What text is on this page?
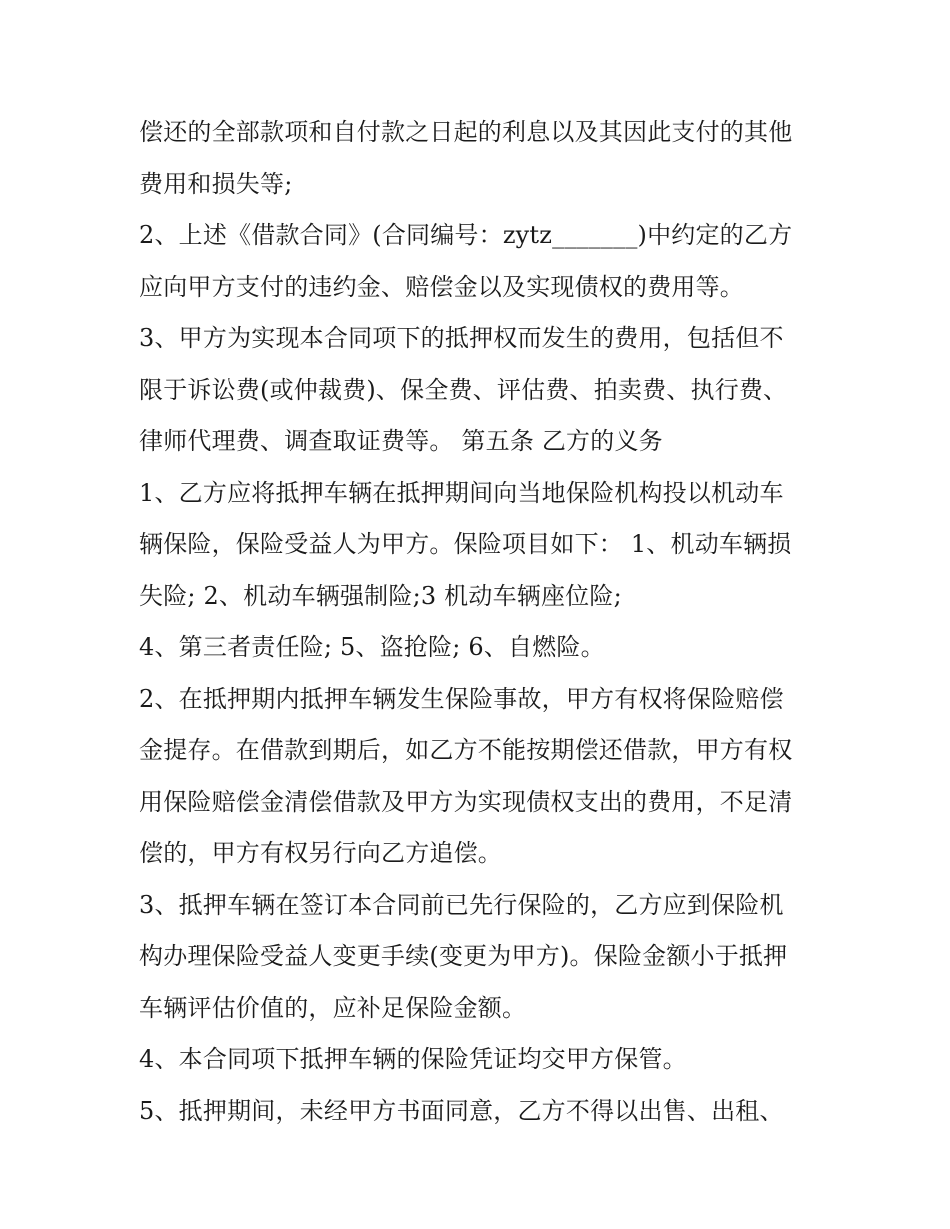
偿还的全部款项和自付款之日起的利息以及其因此支付的其他
费用和损失等;
2、上述《借款合同》(合同编号：zytz_______)中约定的乙方
应向甲方支付的违约金、赔偿金以及实现债权的费用等。
3、甲方为实现本合同项下的抵押权而发生的费用，包括但不
限于诉讼费(或仲裁费)、保全费、评估费、拍卖费、执行费、
律师代理费、调查取证费等。 第五条 乙方的义务
1、乙方应将抵押车辆在抵押期间向当地保险机构投以机动车
辆保险，保险受益人为甲方。保险项目如下： 1、机动车辆损
失险; 2、机动车辆强制险;3 机动车辆座位险;
4、第三者责任险; 5、盗抢险; 6、自燃险。
2、在抵押期内抵押车辆发生保险事故，甲方有权将保险赔偿
金提存。在借款到期后，如乙方不能按期偿还借款，甲方有权
用保险赔偿金清偿借款及甲方为实现债权支出的费用，不足清
偿的，甲方有权另行向乙方追偿。
3、抵押车辆在签订本合同前已先行保险的，乙方应到保险机
构办理保险受益人变更手续(变更为甲方)。保险金额小于抵押
车辆评估价值的，应补足保险金额。
4、本合同项下抵押车辆的保险凭证均交甲方保管。
5、抵押期间，未经甲方书面同意，乙方不得以出售、出租、
